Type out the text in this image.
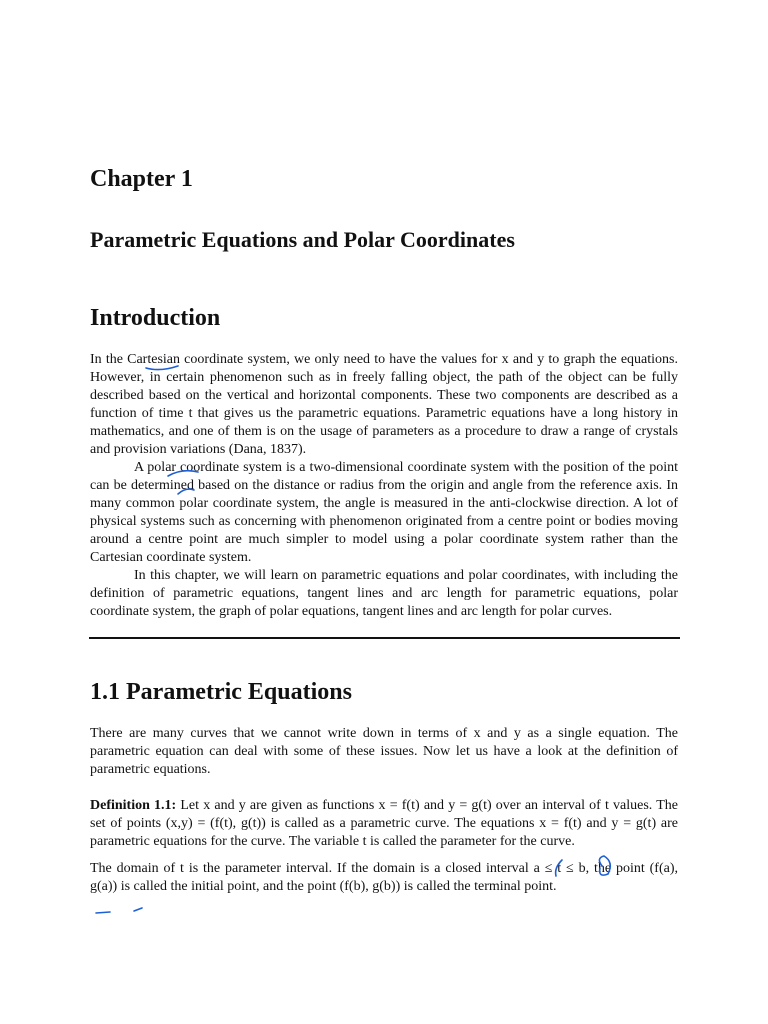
Chapter 1
Parametric Equations and Polar Coordinates
Introduction

In the Cartesian coordinate system, we only need to have the values for x and y to graph the equations. However, in certain phenomenon such as in freely falling object, the path of the object can be fully described based on the vertical and horizontal components. These two components are described as a function of time t that gives us the parametric equations. Parametric equations have a long history in mathematics, and one of them is on the usage of parameters as a procedure to draw a range of crystals and provision variations (Dana, 1837).

A polar coordinate system is a two-dimensional coordinate system with the position of the point can be determined based on the distance or radius from the origin and angle from the reference axis. In many common polar coordinate system, the angle is measured in the anti-clockwise direction. A lot of physical systems such as concerning with phenomenon originated from a centre point or bodies moving around a centre point are much simpler to model using a polar coordinate system rather than the Cartesian coordinate system.

In this chapter, we will learn on parametric equations and polar coordinates, with including the definition of parametric equations, tangent lines and arc length for parametric equations, polar coordinate system, the graph of polar equations, tangent lines and arc length for polar curves.

1.1 Parametric Equations

There are many curves that we cannot write down in terms of x and y as a single equation. The parametric equation can deal with some of these issues. Now let us have a look at the definition of parametric equations.

Definition 1.1: Let x and y are given as functions x = f(t) and y = g(t) over an interval of t values. The set of points (x,y) = (f(t), g(t)) is called as a parametric curve. The equations x = f(t) and y = g(t) are parametric equations for the curve. The variable t is called the parameter for the curve.

The domain of t is the parameter interval. If the domain is a closed interval a ≤ t ≤ b, the point (f(a), g(a)) is called the initial point, and the point (f(b), g(b)) is called the terminal point.
